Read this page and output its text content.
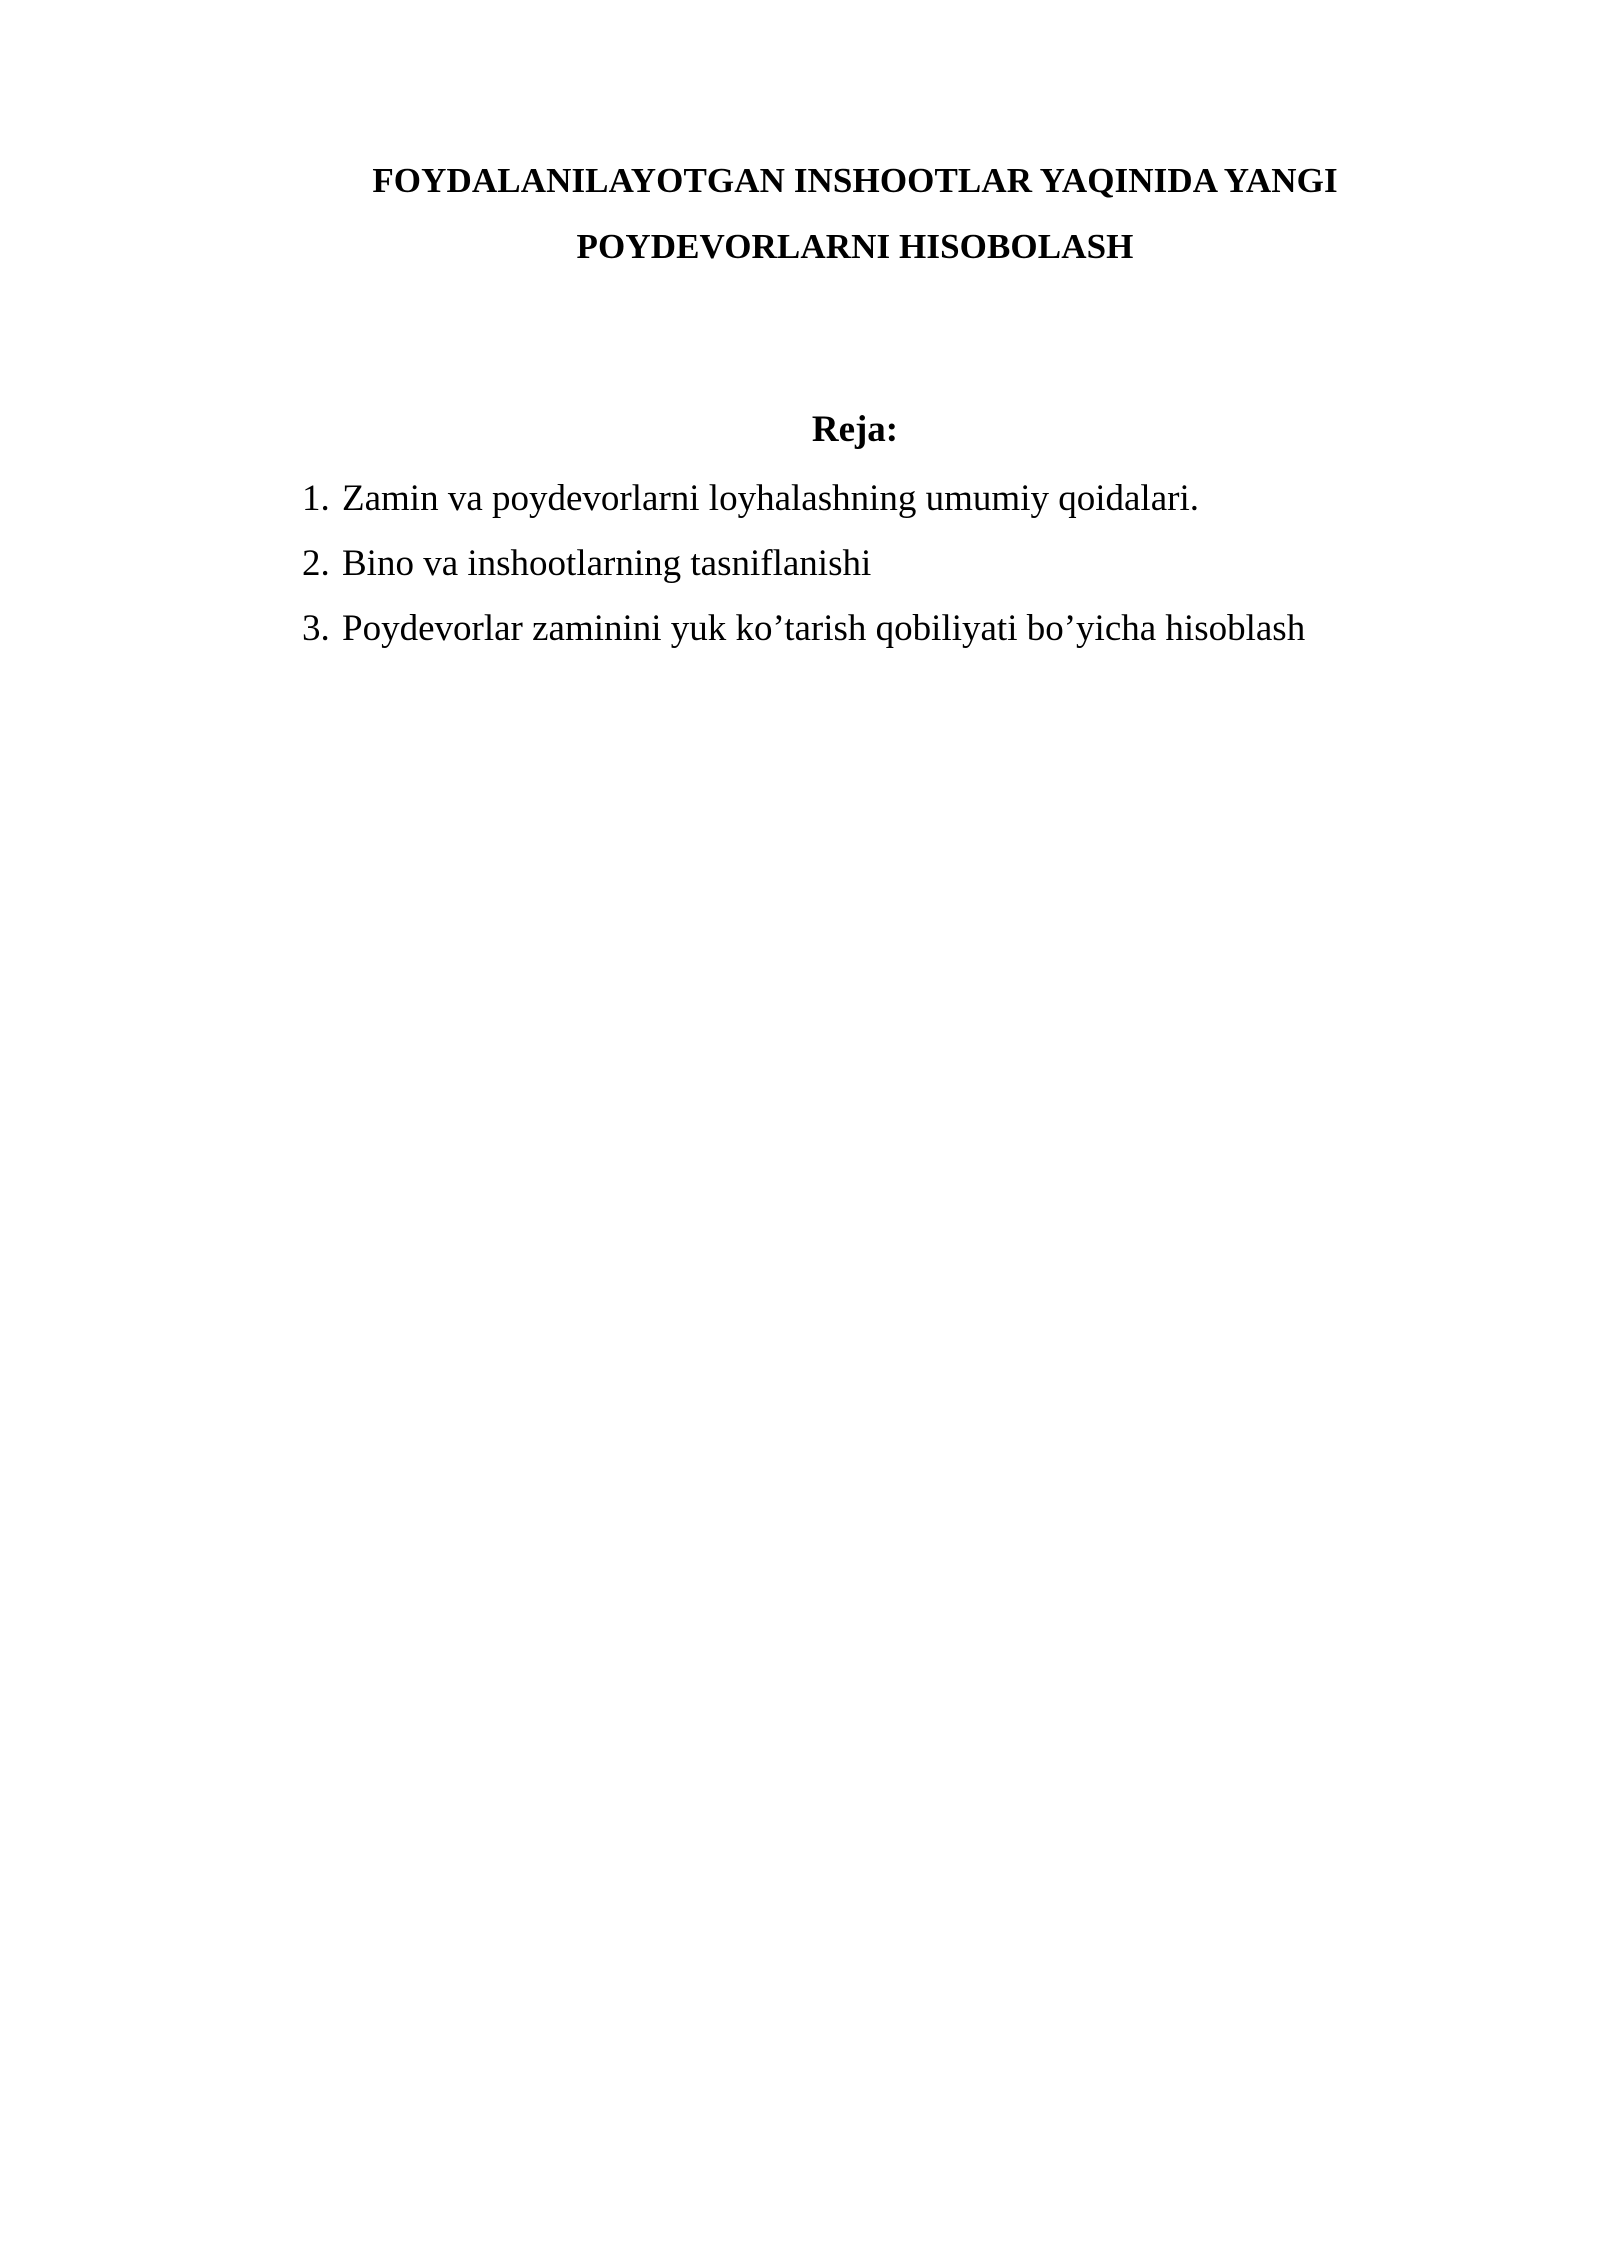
FOYDALANILAYOTGAN INSHOOTLAR YAQINIDA YANGI
POYDEVORLARNI HISOBOLASH
Reja:
1. Zamin va poydevorlarni loyhalashning umumiy qoidalari.
2. Bino va inshootlarning tasniflanishi
3. Poydevorlar zaminini yuk ko’tarish qobiliyati bo’yicha hisoblash
